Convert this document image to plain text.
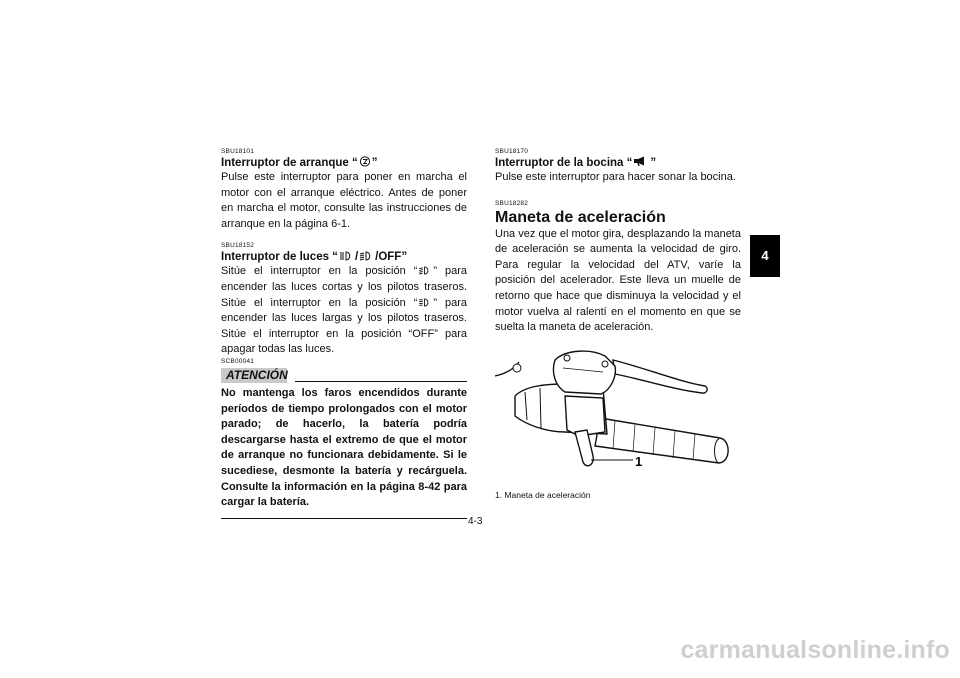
SBU18101
Interruptor de arranque “ ”

Pulse este interruptor para poner en marcha el motor con el arranque eléctrico. Antes de poner en marcha el motor, consulte las instrucciones de arranque en la página 6-1.

SBU18152
Interruptor de luces “ / /OFF”

Sitúe el interruptor en la posición “ ” para encender las luces cortas y los pilotos traseros. Sitúe el interruptor en la posición “ ” para encender las luces largas y los pilotos traseros. Sitúe el interruptor en la posición “OFF” para apagar todas las luces.

SCB00041
ATENCIÓN

No mantenga los faros encendidos durante períodos de tiempo prolongados con el motor parado; de hacerlo, la batería podría descargarse hasta el extremo de que el motor de arranque no funcionara debidamente. Si le sucediese, desmonte la batería y recárguela. Consulte la información en la página 8-42 para cargar la batería.

SBU18170
Interruptor de la bocina “ ”

Pulse este interruptor para hacer sonar la bocina.

SBU18282
Maneta de aceleración

Una vez que el motor gira, desplazando la maneta de aceleración se aumenta la velocidad de giro. Para regular la velocidad del ATV, varíe la posición del acelerador. Este lleva un muelle de retorno que hace que disminuya la velocidad y el motor vuelva al ralentí en el momento en que se suelta la maneta de aceleración.

1
1. Maneta de aceleración
4
4-3
carmanualsonline.info
